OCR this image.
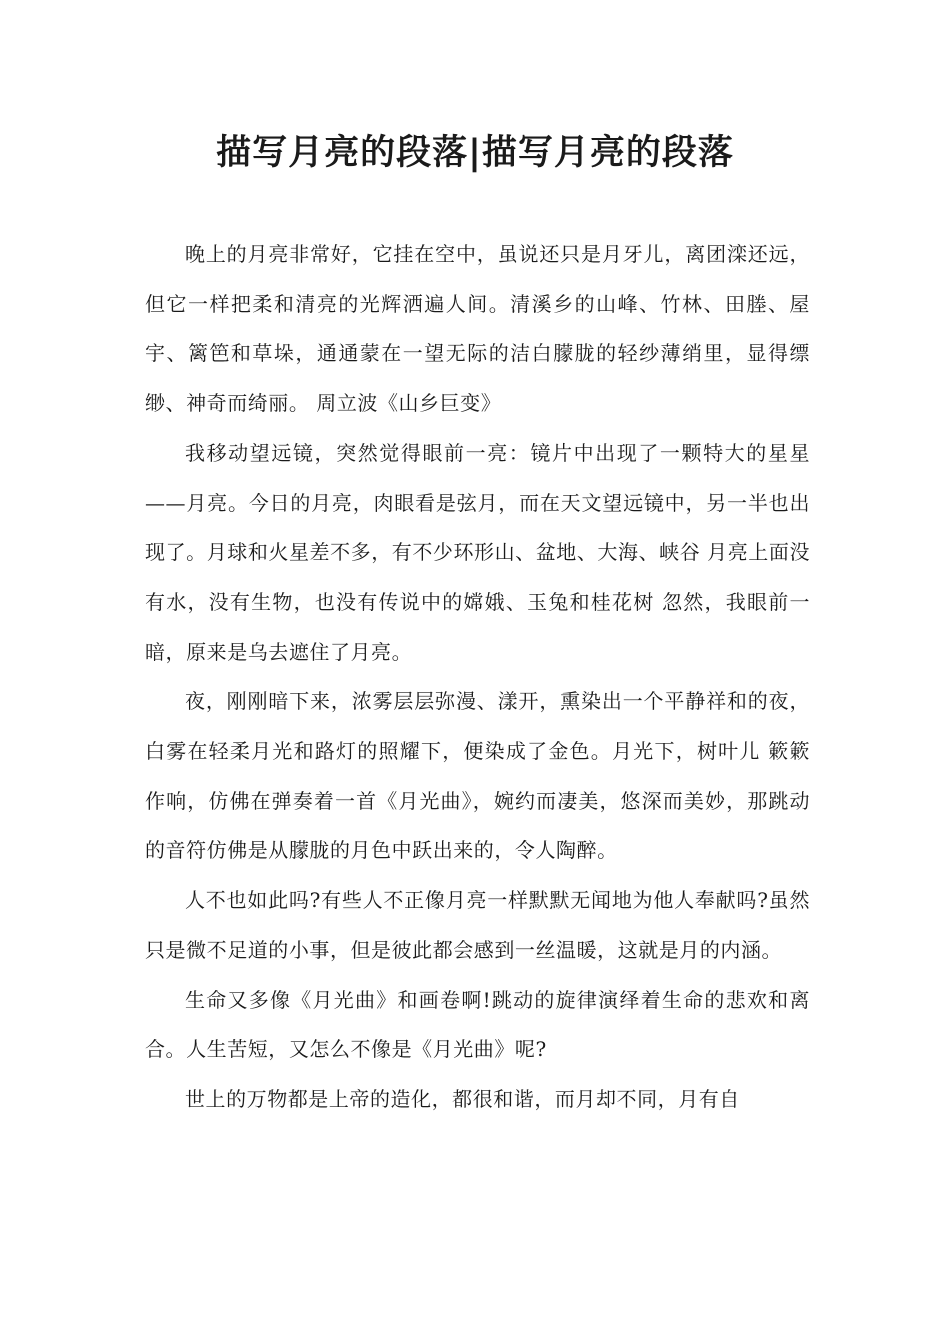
描写月亮的段落|描写月亮的段落

晚上的月亮非常好，它挂在空中，虽说还只是月牙儿，离团滦还远，但它一样把柔和清亮的光辉洒遍人间。清溪乡的山峰、竹林、田塍、屋宇、篱笆和草垛，通通蒙在一望无际的洁白朦胧的轻纱薄绡里，显得缥缈、神奇而绮丽。 周立波《山乡巨变》

我移动望远镜，突然觉得眼前一亮：镜片中出现了一颗特大的星星——月亮。今日的月亮，肉眼看是弦月，而在天文望远镜中，另一半也出现了。月球和火星差不多，有不少环形山、盆地、大海、峡谷 月亮上面没有水，没有生物，也没有传说中的嫦娥、玉兔和桂花树 忽然，我眼前一暗，原来是乌去遮住了月亮。

夜，刚刚暗下来，浓雾层层弥漫、漾开，熏染出一个平静祥和的夜，白雾在轻柔月光和路灯的照耀下，便染成了金色。月光下，树叶儿 簌簌 作响，仿佛在弹奏着一首《月光曲》，婉约而凄美，悠深而美妙，那跳动的音符仿佛是从朦胧的月色中跃出来的，令人陶醉。

人不也如此吗?有些人不正像月亮一样默默无闻地为他人奉献吗?虽然只是微不足道的小事，但是彼此都会感到一丝温暖，这就是月的内涵。

生命又多像《月光曲》和画卷啊!跳动的旋律演绎着生命的悲欢和离合。人生苦短，又怎么不像是《月光曲》呢?

世上的万物都是上帝的造化，都很和谐，而月却不同，月有自
